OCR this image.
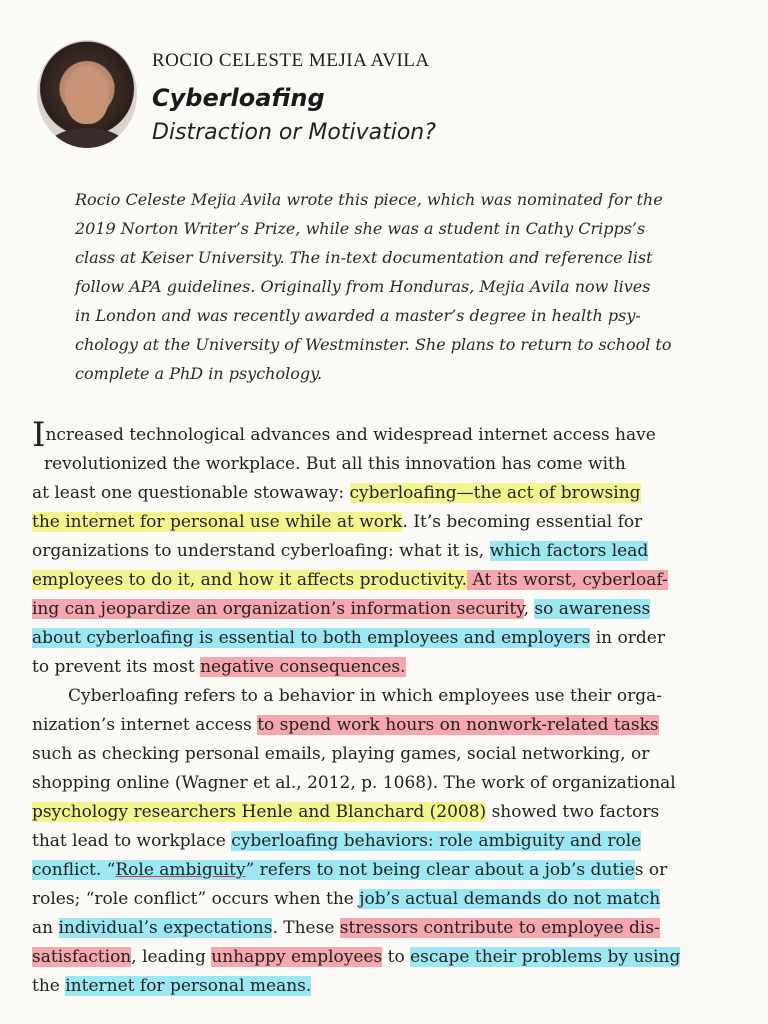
ROCIO CELESTE MEJIA AVILA
Cyberloafing
Distraction or Motivation?
Rocio Celeste Mejia Avila wrote this piece, which was nominated for the
2019 Norton Writer’s Prize, while she was a student in Cathy Cripps’s
class at Keiser University. The in-text documentation and reference list
follow APA guidelines. Originally from Honduras, Mejia Avila now lives
in London and was recently awarded a master’s degree in health psy-
chology at the University of Westminster. She plans to return to school to
complete a PhD in psychology.
Increased technological advances and widespread internet access have
revolutionized the workplace. But all this innovation has come with
at least one questionable stowaway: cyberloafing—the act of browsing
the internet for personal use while at work. It’s becoming essential for
organizations to understand cyberloafing: what it is, which factors lead
employees to do it, and how it affects productivity. At its worst, cyberloaf-
ing can jeopardize an organization’s information security, so awareness
about cyberloafing is essential to both employees and employers in order
to prevent its most negative consequences.
Cyberloafing refers to a behavior in which employees use their orga-
nization’s internet access to spend work hours on nonwork-related tasks
such as checking personal emails, playing games, social networking, or
shopping online (Wagner et al., 2012, p. 1068). The work of organizational
psychology researchers Henle and Blanchard (2008) showed two factors
that lead to workplace cyberloafing behaviors: role ambiguity and role
conflict. “Role ambiguity” refers to not being clear about a job’s duties or
roles; “role conflict” occurs when the job’s actual demands do not match
an individual’s expectations. These stressors contribute to employee dis-
satisfaction, leading unhappy employees to escape their problems by using
the internet for personal means.
